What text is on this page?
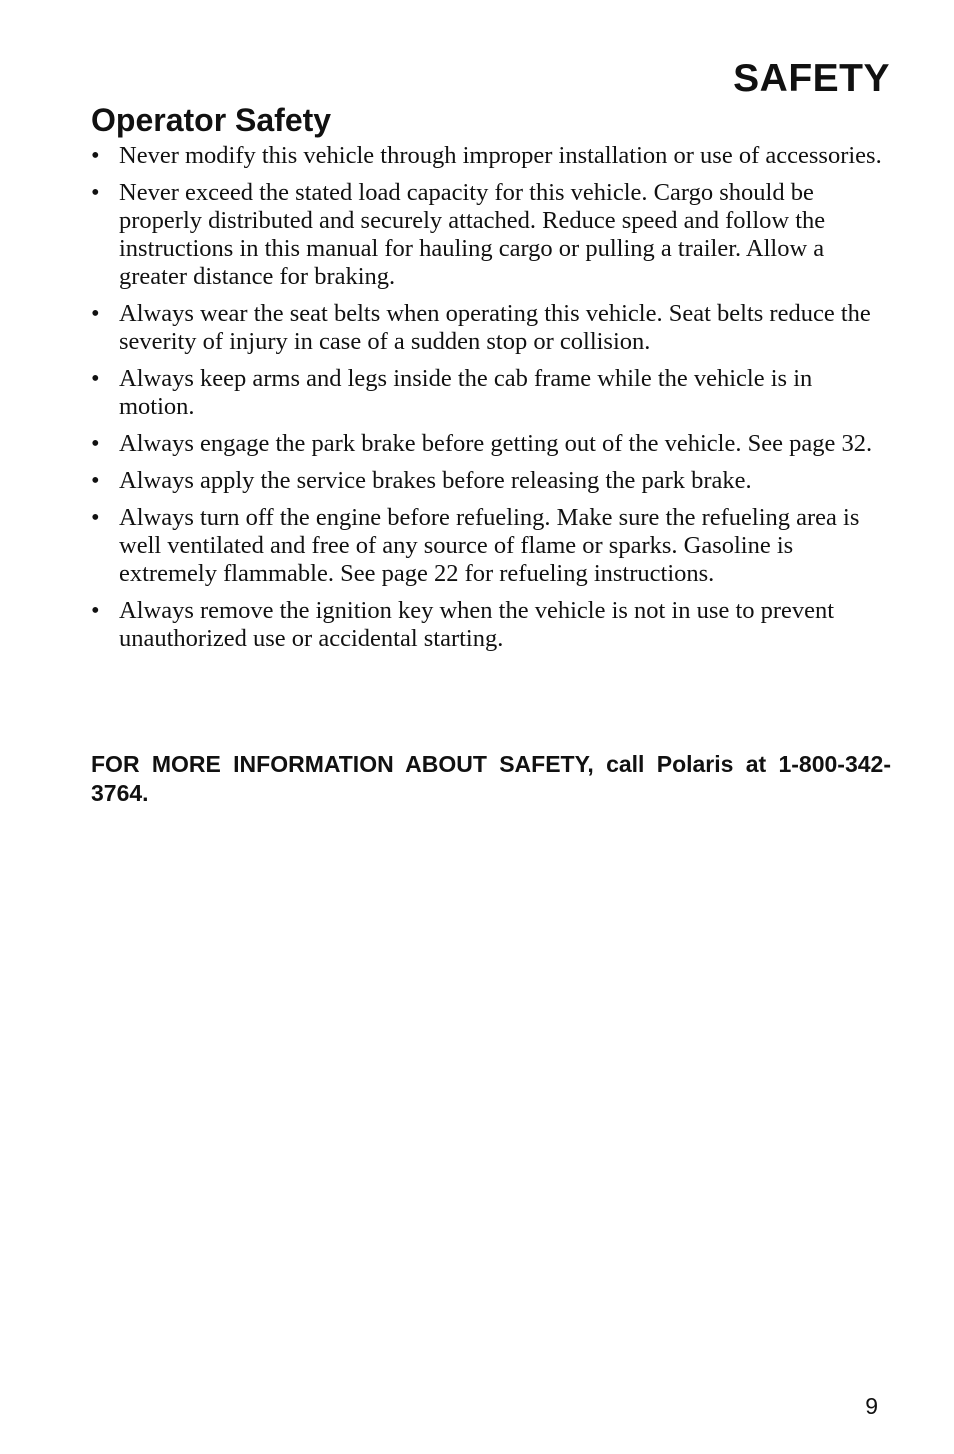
SAFETY
Operator Safety
• Never modify this vehicle through improper installation or use of accessories.
• Never exceed the stated load capacity for this vehicle. Cargo should be properly distributed and securely attached. Reduce speed and follow the instructions in this manual for hauling cargo or pulling a trailer. Allow a greater distance for braking.
• Always wear the seat belts when operating this vehicle. Seat belts reduce the severity of injury in case of a sudden stop or collision.
• Always keep arms and legs inside the cab frame while the vehicle is in motion.
• Always engage the park brake before getting out of the vehicle. See page 32.
• Always apply the service brakes before releasing the park brake.
• Always turn off the engine before refueling. Make sure the refueling area is well ventilated and free of any source of flame or sparks. Gasoline is extremely flammable. See page 22 for refueling instructions.
• Always remove the ignition key when the vehicle is not in use to prevent unauthorized use or accidental starting.

FOR MORE INFORMATION ABOUT SAFETY, call Polaris at 1-800-342-3764.

9
